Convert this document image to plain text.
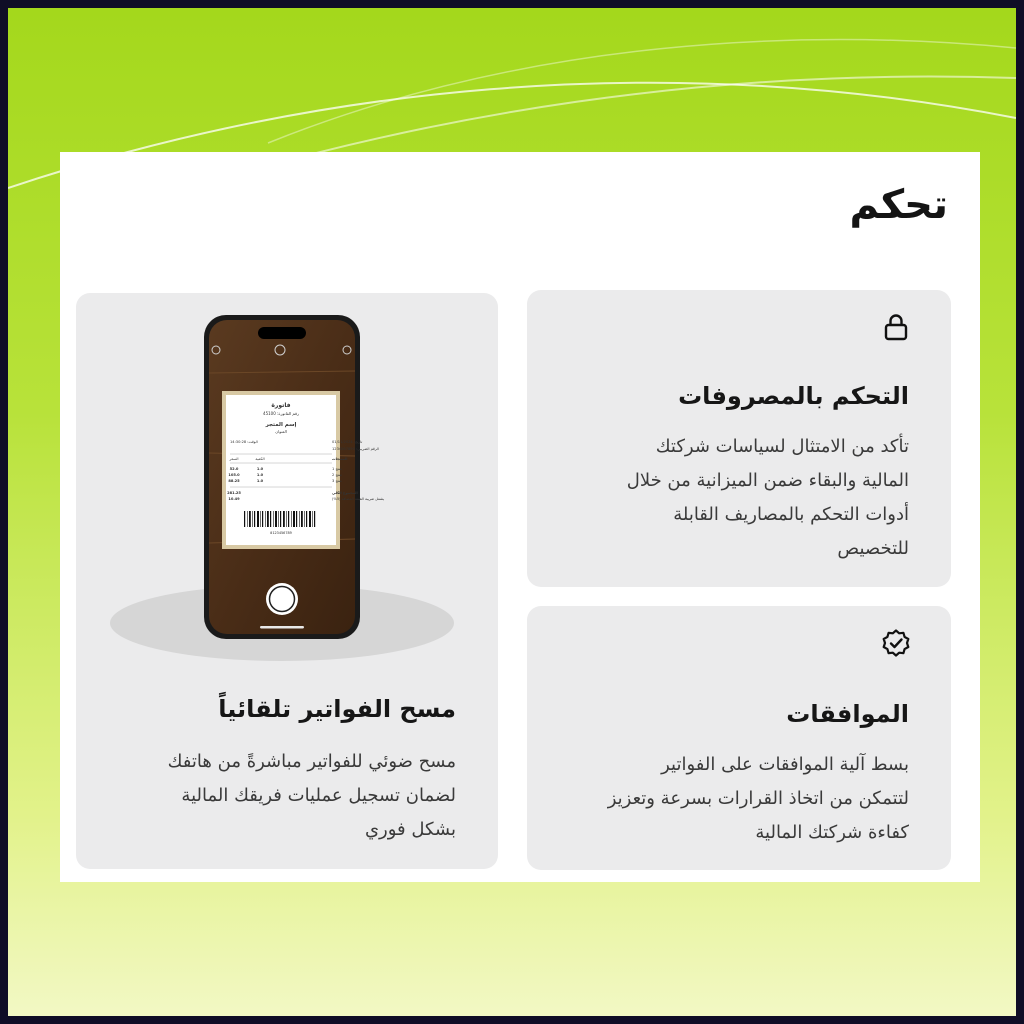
تحكم
التحكم بالمصروفات

تأكد من الامتثال لسياسات شركتك
المالية والبقاء ضمن الميزانية من خلال
أدوات التحكم بالمصاريف القابلة
للتخصيص

الموافقات

بسط آلية الموافقات على الفواتير
لتتمكن من اتخاذ القرارات بسرعة وتعزيز
كفاءة شركتك المالية

فاتورة
رقم الفاتورة: 45100
إسم المتجر
العنوان
تاريخ: 01/11/2024
الوقت: 14:30:28
الرقم الضريبي: 1234567890
المنتجات
الكمية
السعر
منتج 1
1.0
52.0
منتج 2
1.0
105.0
منتج 3
1.0
88.25
المجموع الكلي
281.25
يشمل ضريبة القيمة المضافة (5%)
10.49
0123456789
مسح الفواتير تلقائياً

مسح ضوئي للفواتير مباشرةً من هاتفك
لضمان تسجيل عمليات فريقك المالية
بشكل فوري
